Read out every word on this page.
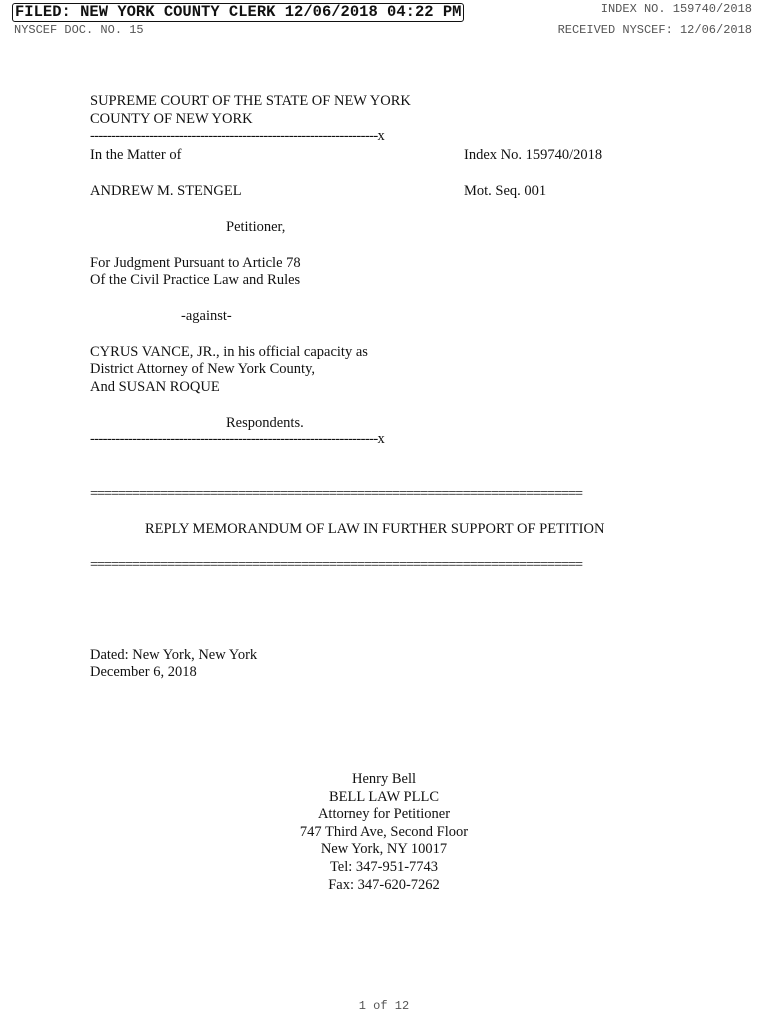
FILED: NEW YORK COUNTY CLERK 12/06/2018 04:22 PM
NYSCEF DOC. NO. 15
INDEX NO. 159740/2018
RECEIVED NYSCEF: 12/06/2018
SUPREME COURT OF THE STATE OF NEW YORK
COUNTY OF NEW YORK
--------------------------------------------------------------------x
In the Matter of	Index No. 159740/2018
ANDREW M. STENGEL	Mot. Seq. 001
Petitioner,
For Judgment Pursuant to Article 78
Of the Civil Practice Law and Rules
-against-
CYRUS VANCE, JR., in his official capacity as
District Attorney of New York County,
And SUSAN ROQUE
Respondents.
--------------------------------------------------------------------x
======================================================================
REPLY MEMORANDUM OF LAW IN FURTHER SUPPORT OF PETITION
======================================================================
Dated: New York, New York
December 6, 2018
Henry Bell
BELL LAW PLLC
Attorney for Petitioner
747 Third Ave, Second Floor
New York, NY 10017
Tel: 347-951-7743
Fax: 347-620-7262
1 of 12
